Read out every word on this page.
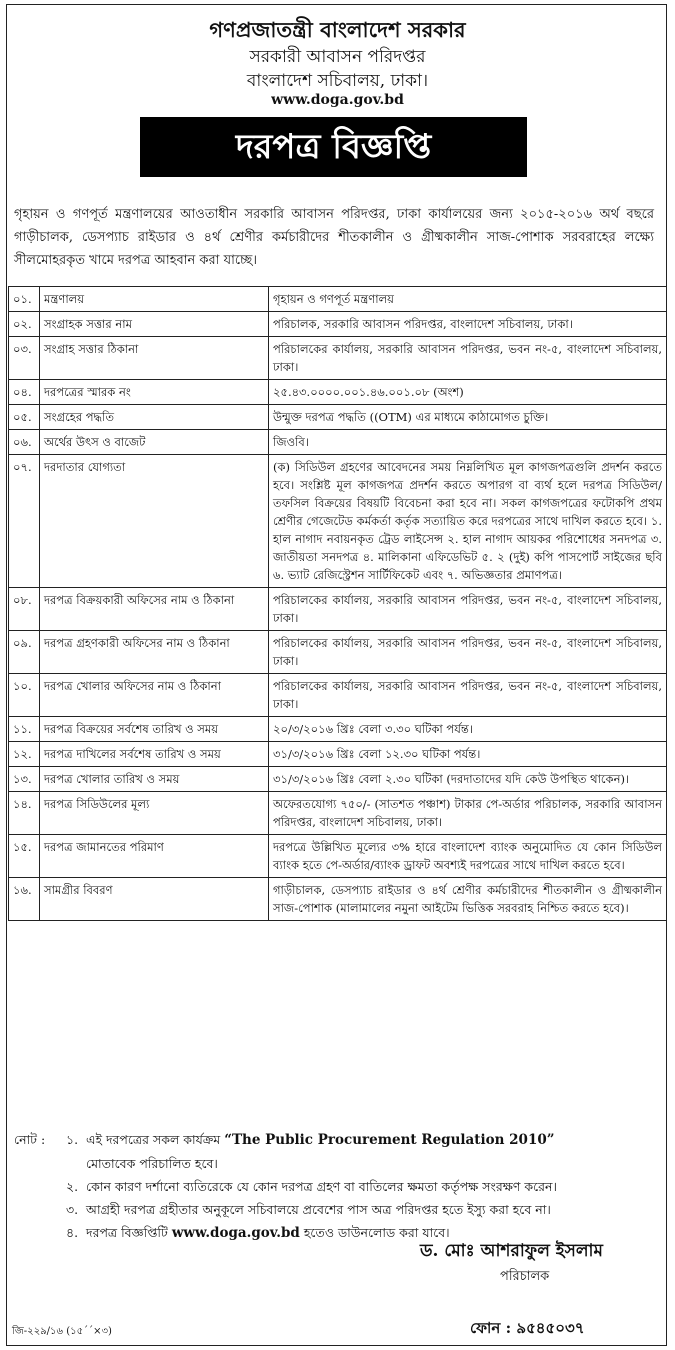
গণপ্রজাতন্ত্রী বাংলাদেশ সরকার
সরকারী আবাসন পরিদপ্তর
বাংলাদেশ সচিবালয়, ঢাকা।
www.doga.gov.bd
দরপত্র বিজ্ঞপ্তি
গৃহায়ন ও গণপূর্ত মন্ত্রণালয়ের আওতাধীন সরকারি আবাসন পরিদপ্তর, ঢাকা কার্যালয়ের জন্য ২০১৫-২০১৬ অর্থ বছরে গাড়ীচালক, ডেসপ্যাচ রাইডার ও ৪র্থ শ্রেণীর কর্মচারীদের শীতকালীন ও গ্রীষ্মকালীন সাজ-পোশাক সরবরাহের লক্ষ্যে সীলমোহরকৃত খামে দরপত্র আহবান করা যাচ্ছে।
০১.	মন্ত্রণালয়	গৃহায়ন ও গণপূর্ত মন্ত্রণালয়
০২.	সংগ্রাহক সত্তার নাম	পরিচালক, সরকারি আবাসন পরিদপ্তর, বাংলাদেশ সচিবালয়, ঢাকা।
০৩.	সংগ্রাহ সত্তার ঠিকানা	পরিচালকের কার্যালয়, সরকারি আবাসন পরিদপ্তর, ভবন নং-৫, বাংলাদেশ সচিবালয়, ঢাকা।
০৪.	দরপত্রের স্মারক নং	২৫.৪৩.০০০০.০০১.৪৬.০০১.০৮ (অংশ)
০৫.	সংগ্রহের পদ্ধতি	উন্মুক্ত দরপত্র পদ্ধতি ((OTM) এর মাধ্যমে কাঠামোগত চুক্তি।
০৬.	অর্থের উৎস ও বাজেট	জিওবি।
০৭.	দরদাতার যোগ্যতা	(ক) সিডিউল গ্রহণের আবেদনের সময় নিম্নলিখিত মূল কাগজপত্রগুলি প্রদর্শন করতে হবে। সংশ্লিষ্ট মূল কাগজপত্র প্রদর্শন করতে অপারগ বা ব্যর্থ হলে দরপত্র সিডিউল/তফসিল বিক্রয়ের বিষয়টি বিবেচনা করা হবে না। সকল কাগজপত্রের ফটোকপি প্রথম শ্রেণীর গেজেটেড কর্মকর্তা কর্তৃক সত্যায়িত করে দরপত্রের সাথে দাখিল করতে হবে। ১. হাল নাগাদ নবায়নকৃত ট্রেড লাইসেন্স ২. হাল নাগাদ আয়কর পরিশোধের সনদপত্র ৩. জাতীয়তা সনদপত্র ৪. মালিকানা এফিডেভিট ৫. ২ (দুই) কপি পাসপোর্ট সাইজের ছবি ৬. ভ্যাট রেজিস্ট্রেশন সার্টিফিকেট এবং ৭. অভিজ্ঞতার প্রমাণপত্র।
০৮.	দরপত্র বিক্রয়কারী অফিসের নাম ও ঠিকানা	পরিচালকের কার্যালয়, সরকারি আবাসন পরিদপ্তর, ভবন নং-৫, বাংলাদেশ সচিবালয়, ঢাকা।
০৯.	দরপত্র গ্রহণকারী অফিসের নাম ও ঠিকানা	পরিচালকের কার্যালয়, সরকারি আবাসন পরিদপ্তর, ভবন নং-৫, বাংলাদেশ সচিবালয়, ঢাকা।
১০.	দরপত্র খোলার অফিসের নাম ও ঠিকানা	পরিচালকের কার্যালয়, সরকারি আবাসন পরিদপ্তর, ভবন নং-৫, বাংলাদেশ সচিবালয়, ঢাকা।
১১.	দরপত্র বিক্রয়ের সর্বশেষ তারিখ ও সময়	২০/৩/২০১৬ খ্রিঃ বেলা ৩.৩০ ঘটিকা পর্যন্ত।
১২.	দরপত্র দাখিলের সর্বশেষ তারিখ ও সময়	৩১/৩/২০১৬ খ্রিঃ বেলা ১২.৩০ ঘটিকা পর্যন্ত।
১৩.	দরপত্র খোলার তারিখ ও সময়	৩১/৩/২০১৬ খ্রিঃ বেলা ২.৩০ ঘটিকা (দরদাতাদের যদি কেউ উপস্থিত থাকেন)।
১৪.	দরপত্র সিডিউলের মূল্য	অফেরতযোগ্য ৭৫০/- (সাতশত পঞ্চাশ) টাকার পে-অর্ডার পরিচালক, সরকারি আবাসন পরিদপ্তর, বাংলাদেশ সচিবালয়, ঢাকা।
১৫.	দরপত্র জামানতের পরিমাণ	দরপত্রে উল্লিখিত মূল্যের ৩% হারে বাংলাদেশ ব্যাংক অনুমোদিত যে কোন সিডিউল ব্যাংক হতে পে-অর্ডার/ব্যাংক ড্রাফট অবশ্যই দরপত্রের সাথে দাখিল করতে হবে।
১৬.	সামগ্রীর বিবরণ	গাড়ীচালক, ডেসপ্যাচ রাইডার ও ৪র্থ শ্রেণীর কর্মচারীদের শীতকালীন ও গ্রীষ্মকালীন সাজ-পোশাক (মালামালের নমুনা আইটেম ভিত্তিক সরবরাহ নিশ্চিত করতে হবে)।
নোট :	১. এই দরপত্রের সকল কার্যক্রম “The Public Procurement Regulation 2010”
মোতাবেক পরিচালিত হবে।
২. কোন কারণ দর্শানো ব্যতিরেকে যে কোন দরপত্র গ্রহণ বা বাতিলের ক্ষমতা কর্তৃপক্ষ সংরক্ষণ করেন।
৩. আগ্রহী দরপত্র গ্রহীতার অনুকূলে সচিবালয়ে প্রবেশের পাস অত্র পরিদপ্তর হতে ইস্যু করা হবে না।
৪. দরপত্র বিজ্ঞপ্তিটি www.doga.gov.bd হতেও ডাউনলোড করা যাবে।
ড. মোঃ আশরাফুল ইসলাম
পরিচালক
ফোন : ৯৫৪৫০৩৭
জি-২২৯/১৬ (১৫´´×৩)
